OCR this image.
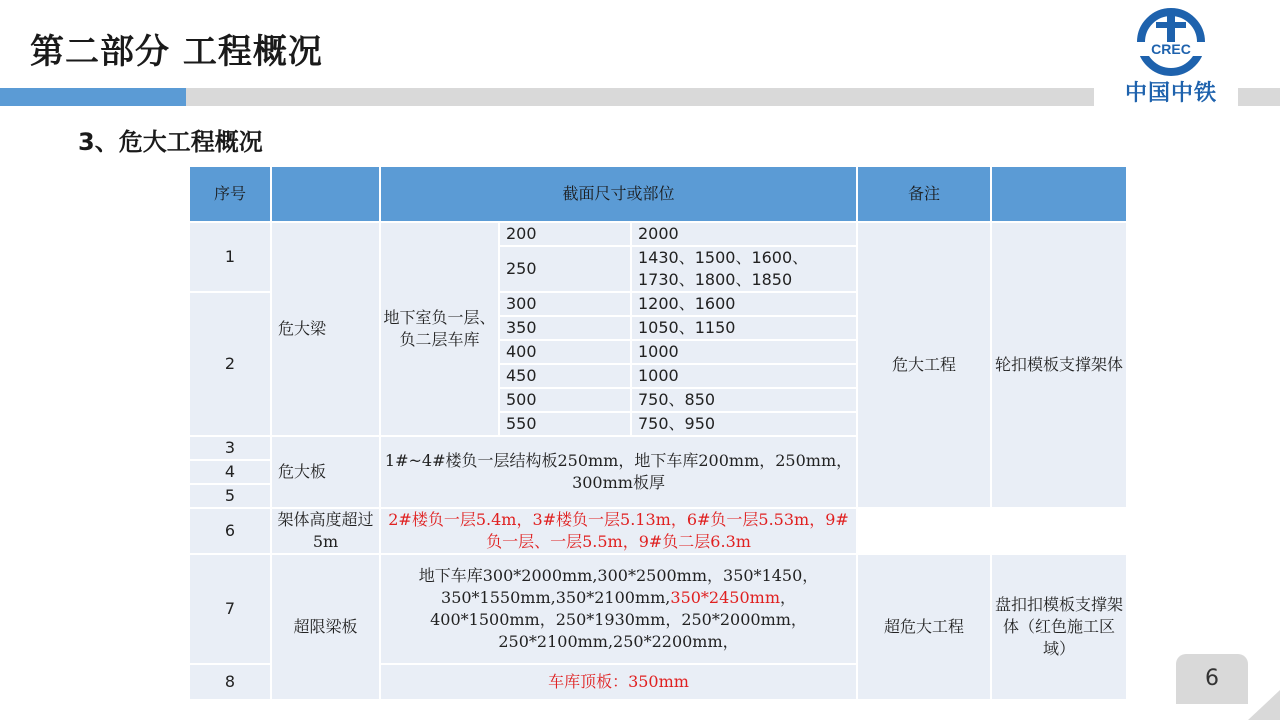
第二部分 工程概况	CREC
中国中铁
3、危大工程概况
序号		截面尺寸或部位			备注	
1	危大梁	地下室负一层、负二层车库	200	2000	危大工程	轮扣模板支撑架体
			250	1430、1500、1600、1730、1800、1850		
2			300	1200、1600		
			350	1050、1150		
			400	1000		
			450	1000		
			500	750、850		
			550	750、950		
3	危大板	1#~4#楼负一层结构板250mm，地下车库200mm，250mm，300mm板厚				
4						
5						
6	架体高度超过5m	2#楼负一层5.4m，3#楼负一层5.13m，6#负一层5.53m，9#负一层、一层5.5m，9#负二层6.3m				
7	超限梁板	地下车库300*2000mm,300*2500mm，350*1450，350*1550mm,350*2100mm,350*2450mm，400*1500mm，250*1930mm，250*2000mm，250*2100mm,250*2200mm，			超危大工程	盘扣扣模板支撑架体（红色施工区域）
8		车库顶板：350mm					6
